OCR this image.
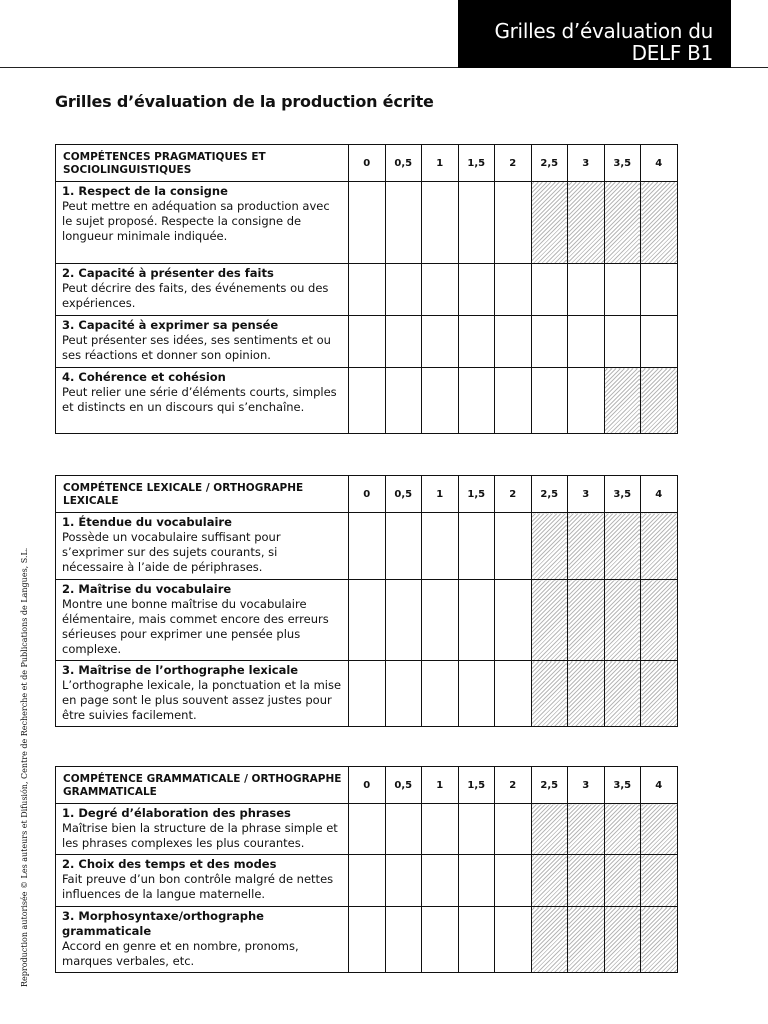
Grilles d’évaluation du
DELF B1
Grilles d’évaluation de la production écrite
Reproduction autorisée © Les auteurs et Difusión, Centre de Recherche et de Publications de Langues, S.L.
COMPÉTENCES PRAGMATIQUES ET SOCIOLINGUISTIQUES	0	0,5	1	1,5	2	2,5	3	3,5	4

1. Respect de la consigne
Peut mettre en adéquation sa production avec le sujet proposé. Respecte la consigne de longueur minimale indiquée.									

2. Capacité à présenter des faits
Peut décrire des faits, des événements ou des expériences.									

3. Capacité à exprimer sa pensée
Peut présenter ses idées, ses sentiments et ou ses réactions et donner son opinion.									

4. Cohérence et cohésion
Peut relier une série d’éléments courts, simples et distincts en un discours qui s’enchaîne.									
COMPÉTENCE LEXICALE / ORTHOGRAPHE LEXICALE	0	0,5	1	1,5	2	2,5	3	3,5	4

1. Étendue du vocabulaire
Possède un vocabulaire suffisant pour s’exprimer sur des sujets courants, si nécessaire à l’aide de périphrases.									

2. Maîtrise du vocabulaire
Montre une bonne maîtrise du vocabulaire élémentaire, mais commet encore des erreurs sérieuses pour exprimer une pensée plus complexe.									

3. Maîtrise de l’orthographe lexicale
L’orthographe lexicale, la ponctuation et la mise en page sont le plus souvent assez justes pour être suivies facilement.									
COMPÉTENCE GRAMMATICALE / ORTHOGRAPHE GRAMMATICALE	0	0,5	1	1,5	2	2,5	3	3,5	4

1. Degré d’élaboration des phrases
Maîtrise bien la structure de la phrase simple et les phrases complexes les plus courantes.									

2. Choix des temps et des modes
Fait preuve d’un bon contrôle malgré de nettes influences de la langue maternelle.									

3. Morphosyntaxe/orthographe grammaticale
Accord en genre et en nombre, pronoms, marques verbales, etc.									
